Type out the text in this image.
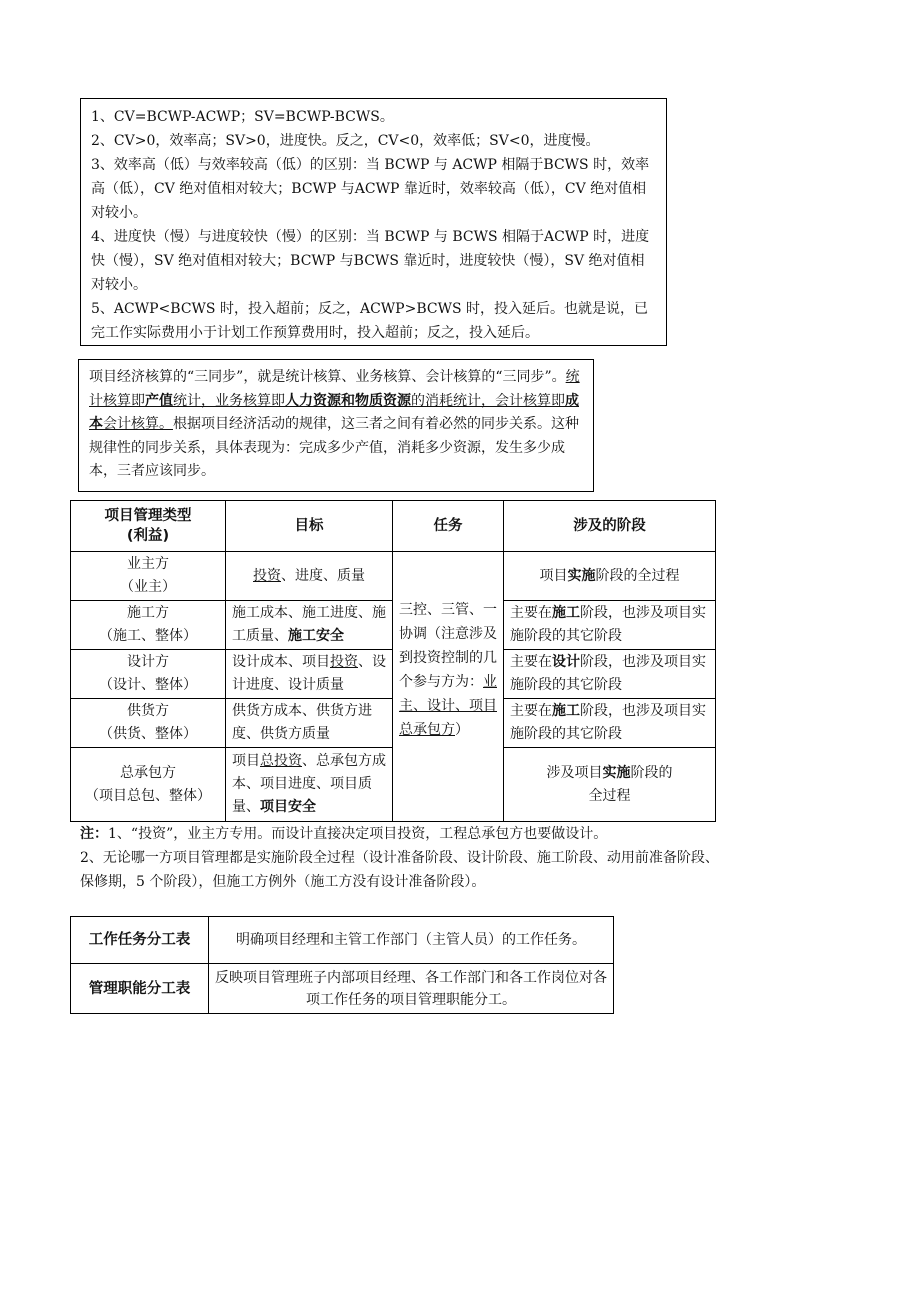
1、CV=BCWP-ACWP；SV=BCWP-BCWS。

2、CV>0，效率高；SV>0，进度快。反之，CV<0，效率低；SV<0，进度慢。

3、效率高（低）与效率较高（低）的区别：当 BCWP 与 ACWP 相隔于BCWS 时，效率高（低），CV 绝对值相对较大；BCWP 与ACWP 靠近时，效率较高（低），CV 绝对值相对较小。

4、进度快（慢）与进度较快（慢）的区别：当 BCWP 与 BCWS 相隔于ACWP 时，进度快（慢），SV 绝对值相对较大；BCWP 与BCWS 靠近时，进度较快（慢），SV 绝对值相对较小。

5、ACWP<BCWS 时，投入超前；反之，ACWP>BCWS 时，投入延后。也就是说，已完工作实际费用小于计划工作预算费用时，投入超前；反之，投入延后。

项目经济核算的“三同步”，就是统计核算、业务核算、会计核算的“三同步”。统计核算即产值统计，业务核算即人力资源和物质资源的消耗统计，会计核算即成本会计核算。根据项目经济活动的规律，这三者之间有着必然的同步关系。这种规律性的同步关系，具体表现为：完成多少产值，消耗多少资源，发生多少成本，三者应该同步。

项目管理类型
(利益)	目标	任务	涉及的阶段
业主方
（业主）	投资、进度、质量	三控、三管、一协调（注意涉及到投资控制的几个参与方为：业主、设计、项目总承包方）	项目实施阶段的全过程
施工方
（施工、整体）	施工成本、施工进度、施工质量、施工安全		主要在施工阶段，也涉及项目实施阶段的其它阶段
设计方
（设计、整体）	设计成本、项目投资、设计进度、设计质量		主要在设计阶段，也涉及项目实施阶段的其它阶段
供货方
（供货、整体）	供货方成本、供货方进度、供货方质量		主要在施工阶段，也涉及项目实施阶段的其它阶段
总承包方
（项目总包、整体）	项目总投资、总承包方成本、项目进度、项目质量、项目安全		涉及项目实施阶段的
全过程

注：1、“投资”，业主方专用。而设计直接决定项目投资，工程总承包方也要做设计。

2、无论哪一方项目管理都是实施阶段全过程（设计准备阶段、设计阶段、施工阶段、动用前准备阶段、保修期，5 个阶段），但施工方例外（施工方没有设计准备阶段）。

工作任务分工表	明确项目经理和主管工作部门（主管人员）的工作任务。
管理职能分工表	反映项目管理班子内部项目经理、各工作部门和各工作岗位对各项工作任务的项目管理职能分工。
